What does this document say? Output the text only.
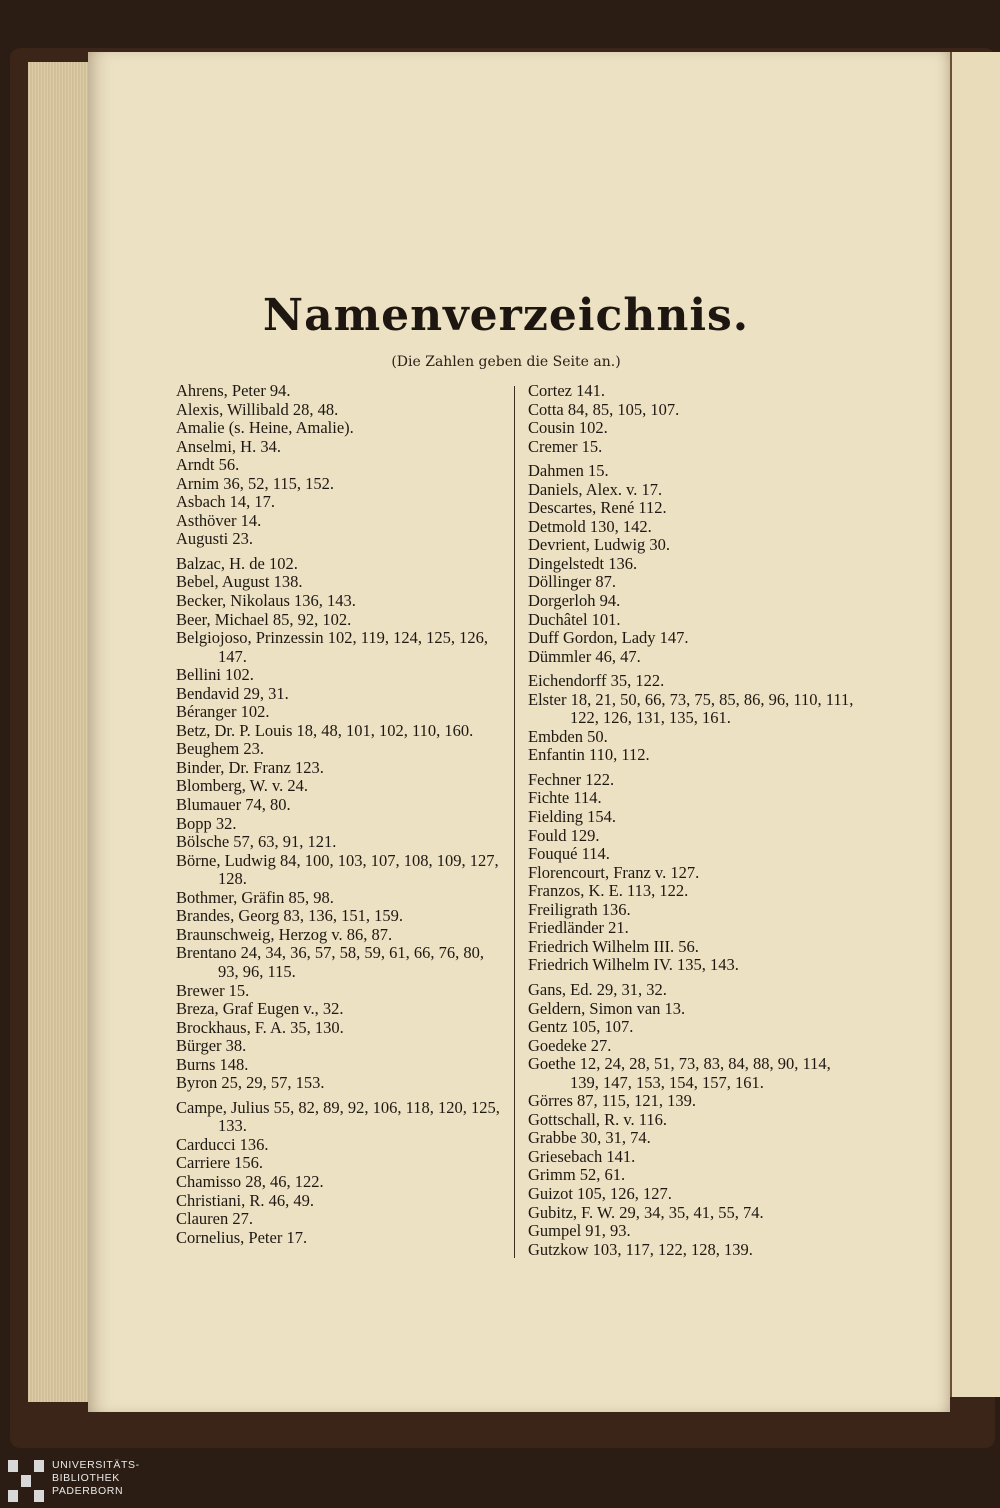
Namenverzeichnis.
(Die Zahlen geben die Seite an.)
Ahrens, Peter 94.
Alexis, Willibald 28, 48.
Amalie (s. Heine, Amalie).
Anselmi, H. 34.
Arndt 56.
Arnim 36, 52, 115, 152.
Asbach 14, 17.
Asthöver 14.
Augusti 23.
Balzac, H. de 102.
Bebel, August 138.
Becker, Nikolaus 136, 143.
Beer, Michael 85, 92, 102.
Belgiojoso, Prinzessin 102, 119, 124, 125, 126, 147.
Bellini 102.
Bendavid 29, 31.
Béranger 102.
Betz, Dr. P. Louis 18, 48, 101, 102, 110, 160.
Beughem 23.
Binder, Dr. Franz 123.
Blomberg, W. v. 24.
Blumauer 74, 80.
Bopp 32.
Bölsche 57, 63, 91, 121.
Börne, Ludwig 84, 100, 103, 107, 108, 109, 127, 128.
Bothmer, Gräfin 85, 98.
Brandes, Georg 83, 136, 151, 159.
Braunschweig, Herzog v. 86, 87.
Brentano 24, 34, 36, 57, 58, 59, 61, 66, 76, 80, 93, 96, 115.
Brewer 15.
Breza, Graf Eugen v., 32.
Brockhaus, F. A. 35, 130.
Bürger 38.
Burns 148.
Byron 25, 29, 57, 153.
Campe, Julius 55, 82, 89, 92, 106, 118, 120, 125, 133.
Carducci 136.
Carriere 156.
Chamisso 28, 46, 122.
Christiani, R. 46, 49.
Clauren 27.
Cornelius, Peter 17.
Cortez 141.
Cotta 84, 85, 105, 107.
Cousin 102.
Cremer 15.
Dahmen 15.
Daniels, Alex. v. 17.
Descartes, René 112.
Detmold 130, 142.
Devrient, Ludwig 30.
Dingelstedt 136.
Döllinger 87.
Dorgerloh 94.
Duchâtel 101.
Duff Gordon, Lady 147.
Dümmler 46, 47.
Eichendorff 35, 122.
Elster 18, 21, 50, 66, 73, 75, 85, 86, 96, 110, 111, 122, 126, 131, 135, 161.
Embden 50.
Enfantin 110, 112.
Fechner 122.
Fichte 114.
Fielding 154.
Fould 129.
Fouqué 114.
Florencourt, Franz v. 127.
Franzos, K. E. 113, 122.
Freiligrath 136.
Friedländer 21.
Friedrich Wilhelm III. 56.
Friedrich Wilhelm IV. 135, 143.
Gans, Ed. 29, 31, 32.
Geldern, Simon van 13.
Gentz 105, 107.
Goedeke 27.
Goethe 12, 24, 28, 51, 73, 83, 84, 88, 90, 114, 139, 147, 153, 154, 157, 161.
Görres 87, 115, 121, 139.
Gottschall, R. v. 116.
Grabbe 30, 31, 74.
Griesebach 141.
Grimm 52, 61.
Guizot 105, 126, 127.
Gubitz, F. W. 29, 34, 35, 41, 55, 74.
Gumpel 91, 93.
Gutzkow 103, 117, 122, 128, 139.
UNIVERSITÄTS-
BIBLIOTHEK
PADERBORN
